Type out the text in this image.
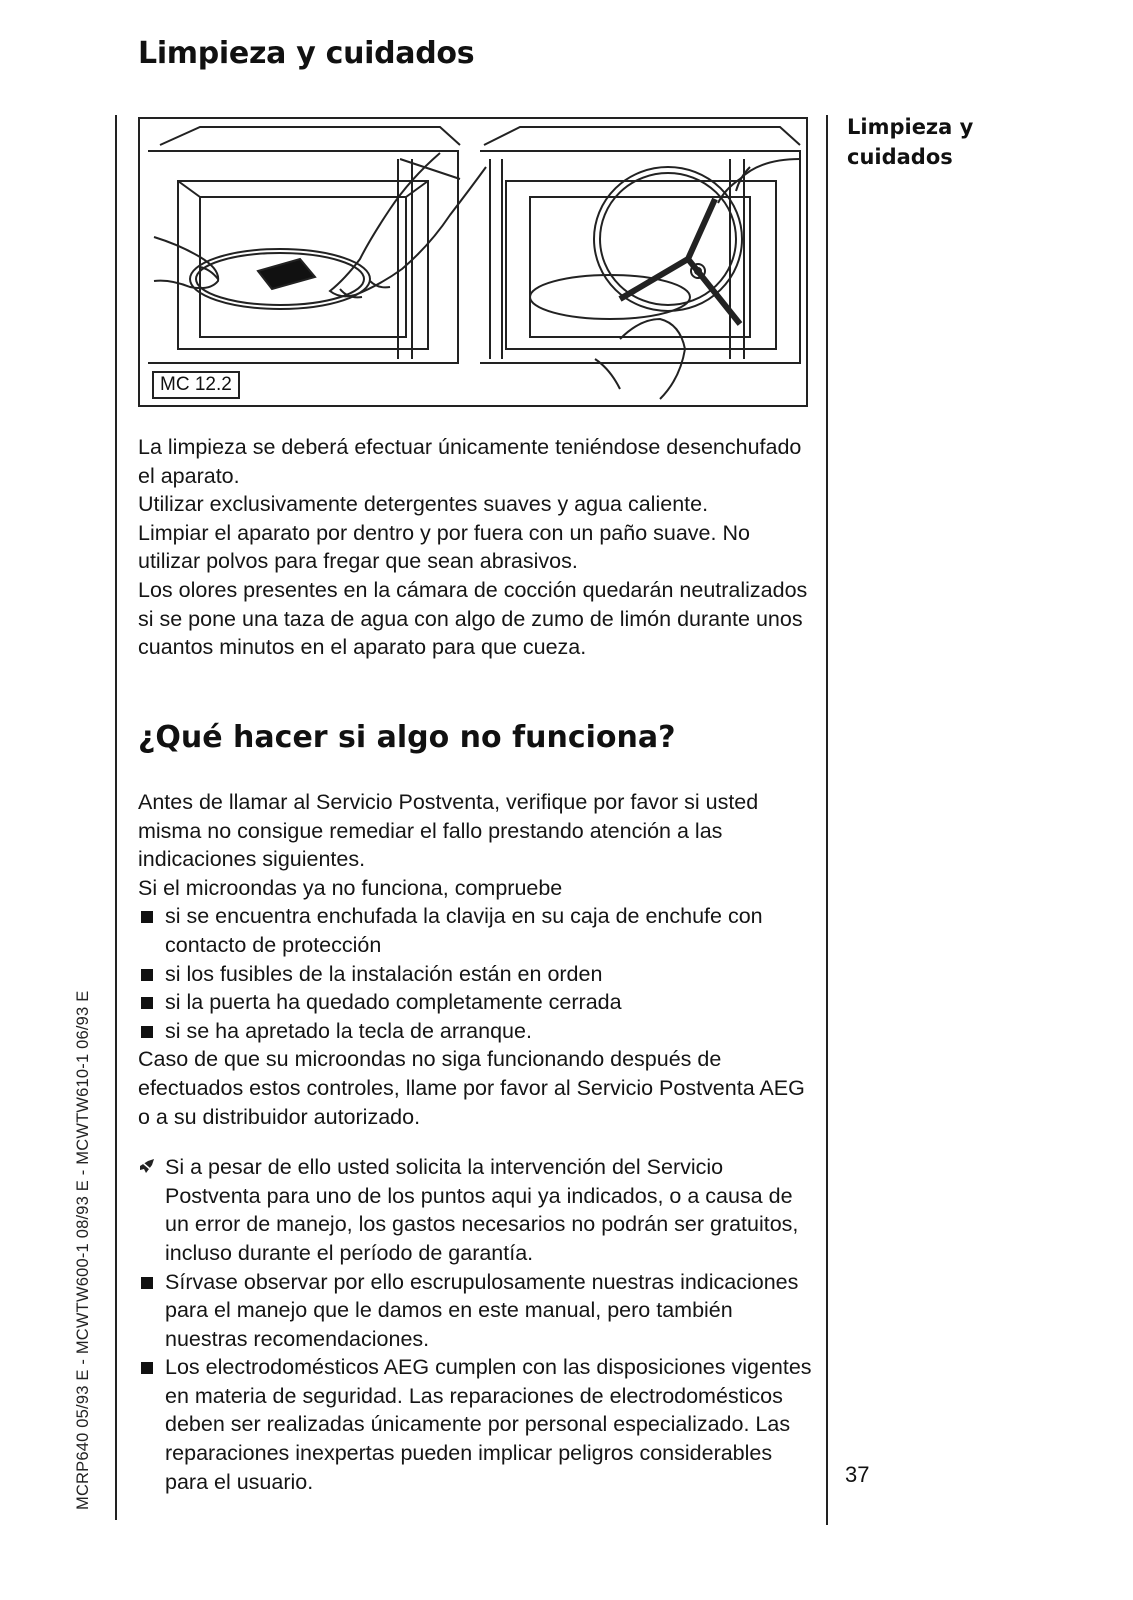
Limpieza y cuidados
Limpieza y cuidados
MC 12.2

La limpieza se deberá efectuar únicamente teniéndose desenchufado el aparato.

Utilizar exclusivamente detergentes suaves y agua caliente.

Limpiar el aparato por dentro y por fuera con un paño suave. No utilizar polvos para fregar que sean abrasivos.

Los olores presentes en la cámara de cocción quedarán neutralizados si se pone una taza de agua con algo de zumo de limón durante unos cuantos minutos en el aparato para que cueza.

¿Qué hacer si algo no funciona?

Antes de llamar al Servicio Postventa, verifique por favor si usted misma no consigue remediar el fallo prestando atención a las indicaciones siguientes.

Si el microondas ya no funciona, compruebe

si se encuentra enchufada la clavija en su caja de enchufe con contacto de protección
si los fusibles de la instalación están en orden
si la puerta ha quedado completamente cerrada
si se ha apretado la tecla de arranque.

Caso de que su microondas no siga funcionando después de efectuados estos controles, llame por favor al Servicio Postventa AEG o a su distribuidor autorizado.

Si a pesar de ello usted solicita la intervención del Servicio Postventa para uno de los puntos aqui ya indicados, o a causa de un error de manejo, los gastos necesarios no podrán ser gratuitos, incluso durante el período de garantía.
Sírvase observar por ello escrupulosamente nuestras indicaciones para el manejo que le damos en este manual, pero también nuestras recomendaciones.
Los electrodomésticos AEG cumplen con las disposiciones vigentes en materia de seguridad. Las reparaciones de electrodomésticos deben ser realizadas únicamente por personal especializado. Las reparaciones inexpertas pueden implicar peligros considerables para el usuario.
MCRP640 05/93 E - MCWTW600-1 08/93 E - MCWTW610-1 06/93 E	37
